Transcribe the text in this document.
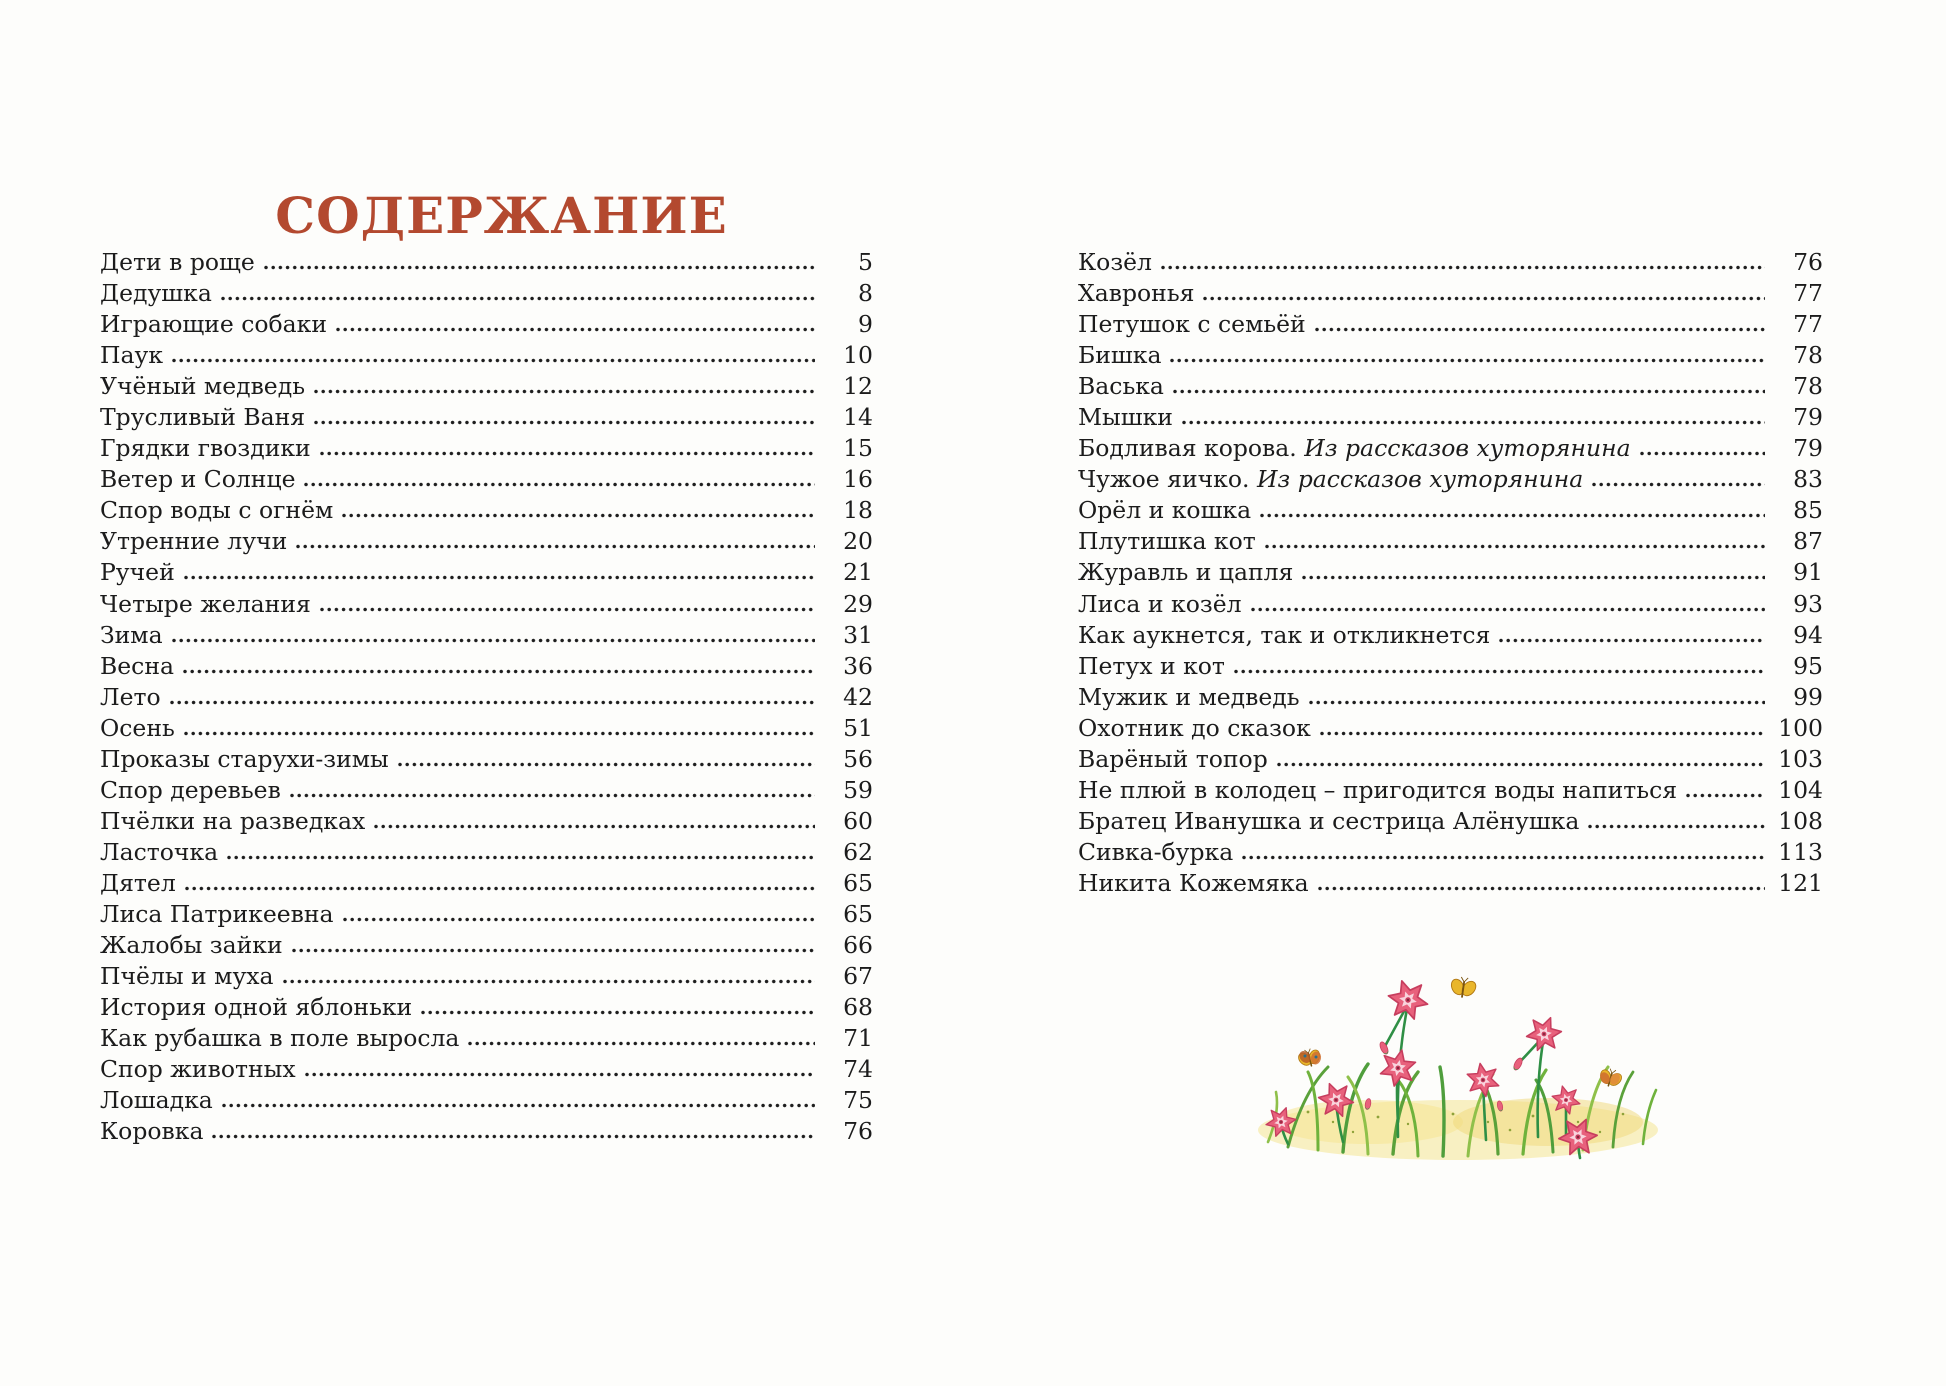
СОДЕРЖАНИЕ
Дети в роще	5
Дедушка	8
Играющие собаки	9
Паук	10
Учёный медведь	12
Трусливый Ваня	14
Грядки гвоздики	15
Ветер и Солнце	16
Спор воды с огнём	18
Утренние лучи	20
Ручей	21
Четыре желания	29
Зима	31
Весна	36
Лето	42
Осень	51
Проказы старухи-зимы	56
Спор деревьев	59
Пчёлки на разведках	60
Ласточка	62
Дятел	65
Лиса Патрикеевна	65
Жалобы зайки	66
Пчёлы и муха	67
История одной яблоньки	68
Как рубашка в поле выросла	71
Спор животных	74
Лошадка	75
Коровка	76
Козёл	76
Хавронья	77
Петушок с семьёй	77
Бишка	78
Васька	78
Мышки	79
Бодливая корова. Из рассказов хуторянина	79
Чужое яичко. Из рассказов хуторянина	83
Орёл и кошка	85
Плутишка кот	87
Журавль и цапля	91
Лиса и козёл	93
Как аукнется, так и откликнется	94
Петух и кот	95
Мужик и медведь	99
Охотник до сказок	100
Варёный топор	103
Не плюй в колодец – пригодится воды напиться	104
Братец Иванушка и сестрица Алёнушка	108
Сивка-бурка	113
Никита Кожемяка	121
